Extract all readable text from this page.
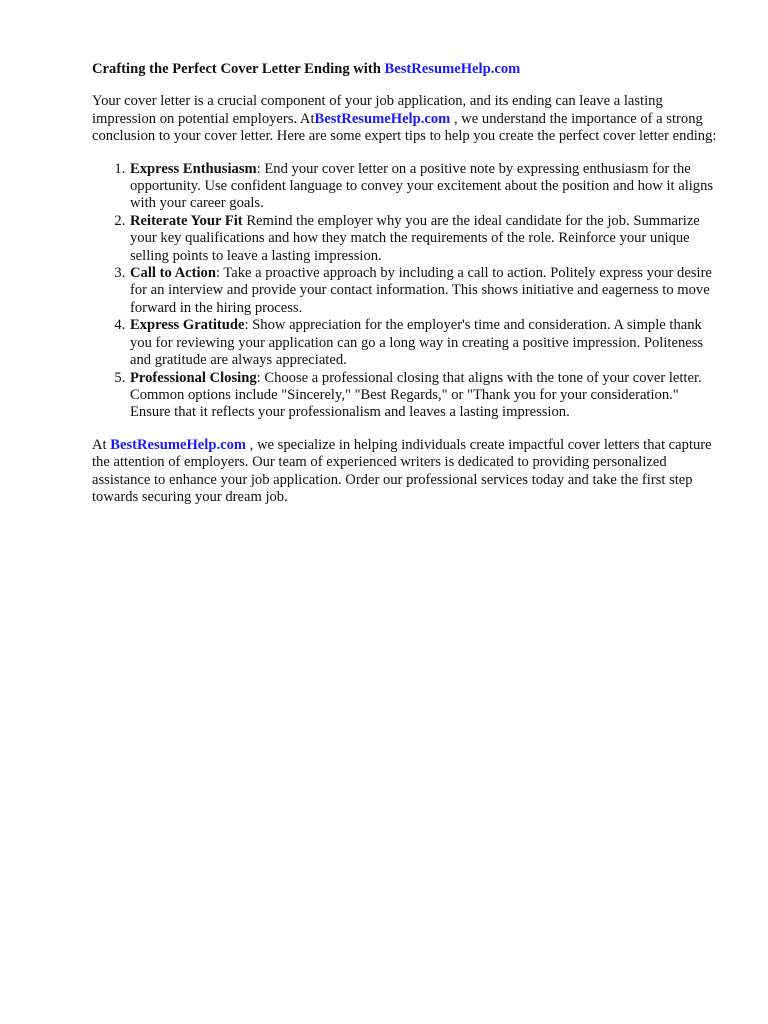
Crafting the Perfect Cover Letter Ending with BestResumeHelp.com

Your cover letter is a crucial component of your job application, and its ending can leave a lasting impression on potential employers. AtBestResumeHelp.com , we understand the importance of a strong conclusion to your cover letter. Here are some expert tips to help you create the perfect cover letter ending:

1. Express Enthusiasm: End your cover letter on a positive note by expressing enthusiasm for the opportunity. Use confident language to convey your excitement about the position and how it aligns with your career goals.
2. Reiterate Your Fit Remind the employer why you are the ideal candidate for the job. Summarize your key qualifications and how they match the requirements of the role. Reinforce your unique selling points to leave a lasting impression.
3. Call to Action: Take a proactive approach by including a call to action. Politely express your desire for an interview and provide your contact information. This shows initiative and eagerness to move forward in the hiring process.
4. Express Gratitude: Show appreciation for the employer's time and consideration. A simple thank you for reviewing your application can go a long way in creating a positive impression. Politeness and gratitude are always appreciated.
5. Professional Closing: Choose a professional closing that aligns with the tone of your cover letter. Common options include "Sincerely," "Best Regards," or "Thank you for your consideration." Ensure that it reflects your professionalism and leaves a lasting impression.

At BestResumeHelp.com , we specialize in helping individuals create impactful cover letters that capture the attention of employers. Our team of experienced writers is dedicated to providing personalized assistance to enhance your job application. Order our professional services today and take the first step towards securing your dream job.
